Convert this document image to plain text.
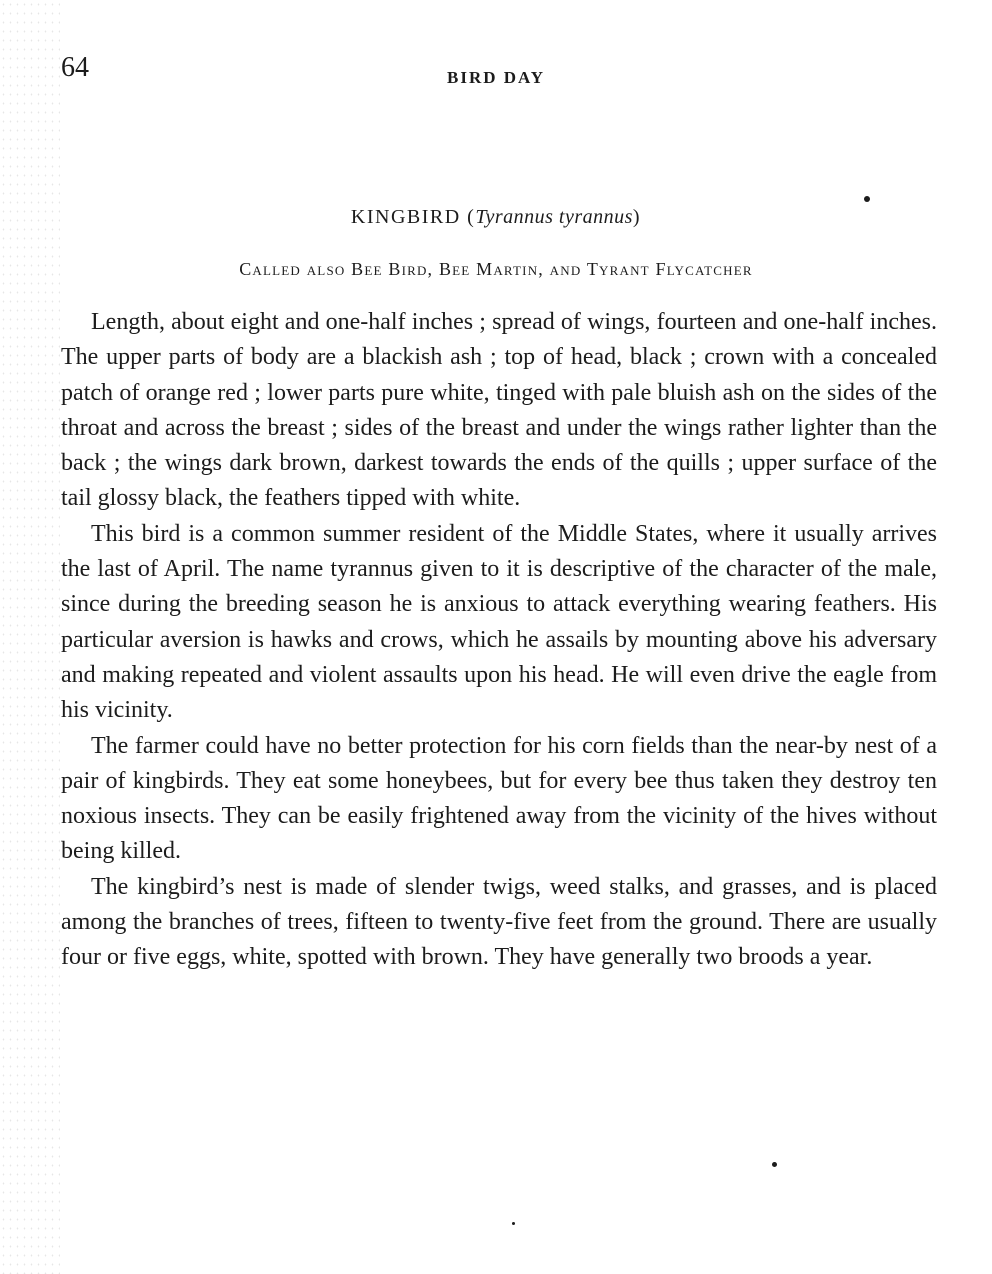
64	BIRD DAY
KINGBIRD (Tyrannus tyrannus)
Called also Bee Bird, Bee Martin, and Tyrant Flycatcher

Length, about eight and one-half inches ; spread of wings, fourteen and one-half inches. The upper parts of body are a blackish ash ; top of head, black ; crown with a concealed patch of orange red ; lower parts pure white, tinged with pale bluish ash on the sides of the throat and across the breast ; sides of the breast and under the wings rather lighter than the back ; the wings dark brown, darkest towards the ends of the quills ; upper surface of the tail glossy black, the feathers tipped with white.

This bird is a common summer resident of the Middle States, where it usually arrives the last of April. The name tyrannus given to it is descriptive of the character of the male, since during the breeding season he is anxious to attack everything wearing feathers. His particular aversion is hawks and crows, which he assails by mounting above his adversary and making repeated and violent assaults upon his head. He will even drive the eagle from his vicinity.

The farmer could have no better protection for his corn fields than the near-by nest of a pair of kingbirds. They eat some honeybees, but for every bee thus taken they destroy ten noxious insects. They can be easily frightened away from the vicinity of the hives without being killed.

The kingbird’s nest is made of slender twigs, weed stalks, and grasses, and is placed among the branches of trees, fifteen to twenty-five feet from the ground. There are usually four or five eggs, white, spotted with brown. They have generally two broods a year.
